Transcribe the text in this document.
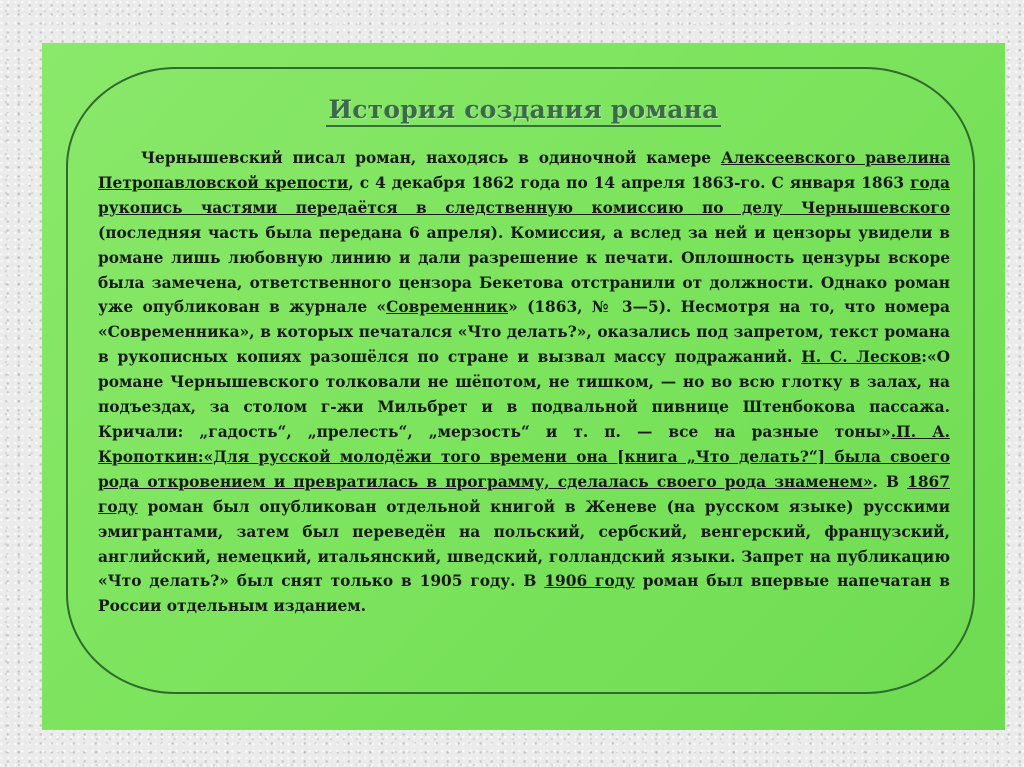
История создания романа

Чернышевский писал роман, находясь в одиночной камере Алексеевского равелина Петропавловской крепости, с 4 декабря 1862 года по 14 апреля 1863-го. С января 1863 года рукопись частями передаётся в следственную комиссию по делу Чернышевского (последняя часть была передана 6 апреля). Комиссия, а вслед за ней и цензоры увидели в романе лишь любовную линию и дали разрешение к печати. Оплошность цензуры вскоре была замечена, ответственного цензора Бекетова отстранили от должности. Однако роман уже опубликован в журнале «Современник» (1863, № 3—5). Несмотря на то, что номера «Современника», в которых печатался «Что делать?», оказались под запретом, текст романа в рукописных копиях разошёлся по стране и вызвал массу подражаний. Н. С. Лесков:«О романе Чернышевского толковали не шёпотом, не тишком, — но во всю глотку в залах, на подъездах, за столом г-жи Мильбрет и в подвальной пивнице Штенбокова пассажа. Кричали: „гадость“, „прелесть“, „мерзость“ и т. п. — все на разные тоны».П. А. Кропоткин:«Для русской молодёжи того времени она [книга „Что делать?“] была своего рода откровением и превратилась в программу, сделалась своего рода знаменем». В 1867 году роман был опубликован отдельной книгой в Женеве (на русском языке) русскими эмигрантами, затем был переведён на польский, сербский, венгерский, французский, английский, немецкий, итальянский, шведский, голландский языки. Запрет на публикацию «Что делать?» был снят только в 1905 году. В 1906 году роман был впервые напечатан в России отдельным изданием.
